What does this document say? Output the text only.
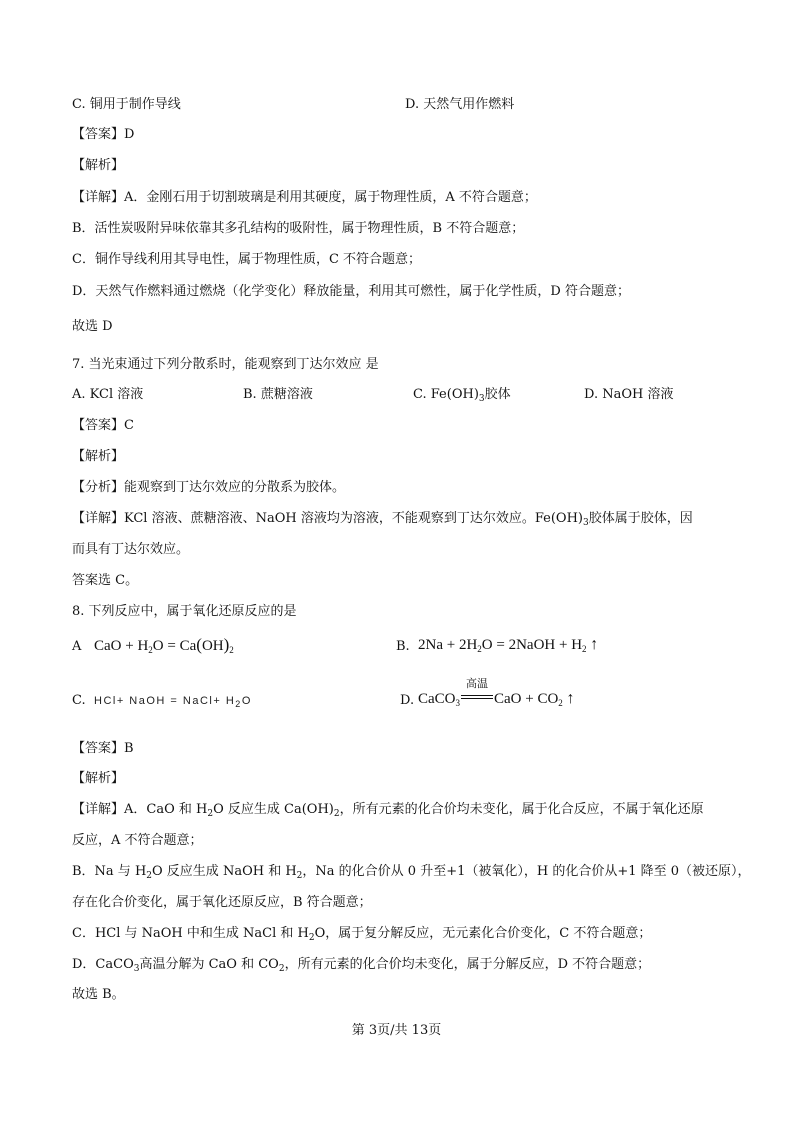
C. 铜用于制作导线	D. 天然气用作燃料
【答案】D
【解析】
【详解】A．金刚石用于切割玻璃是利用其硬度，属于物理性质，A 不符合题意；
B．活性炭吸附异味依靠其多孔结构的吸附性，属于物理性质，B 不符合题意；
C．铜作导线利用其导电性，属于物理性质，C 不符合题意；
D．天然气作燃料通过燃烧（化学变化）释放能量，利用其可燃性，属于化学性质，D 符合题意；
故选 D
7. 当光束通过下列分散系时，能观察到丁达尔效应 是
A. KCl 溶液	B. 蔗糖溶液	C. $Fe(OH)_3$胶体	D. NaOH 溶液
【答案】C
【解析】
【分析】能观察到丁达尔效应的分散系为胶体。
【详解】KCl 溶液、蔗糖溶液、NaOH 溶液均为溶液，不能观察到丁达尔效应。$Fe(OH)_3$胶体属于胶体，因
而具有丁达尔效应。
答案选 C。
8. 下列反应中，属于氧化还原反应的是
A CaO + $H_2O = Ca(OH)_2$	B. $2Na + 2H_2O$ = 2NaOH + $H_2$ ↑
C. HCl+ NaOH = NaCl+ $H_2O$	D. CaCO$_3$
高温
CaO + $CO_2$ ↑
【答案】B
【解析】
【详解】A．CaO 和 $H_2O$ 反应生成 $Ca(OH)_2$，所有元素的化合价均未变化，属于化合反应，不属于氧化还原
反应，A 不符合题意；
B．Na 与 $H_2O$ 反应生成 NaOH 和 $H_2$，Na 的化合价从 0 升至+1（被氧化），H 的化合价从+1 降至 0（被还原），
存在化合价变化，属于氧化还原反应，B 符合题意；
C．HCl 与 NaOH 中和生成 NaCl 和 $H_2O$，属于复分解反应，无元素化合价变化，C 不符合题意；
D．CaCO$_3$高温分解为 CaO 和 $CO_2$，所有元素的化合价均未变化，属于分解反应，D 不符合题意；
故选 B。
第 3页/共 13页
